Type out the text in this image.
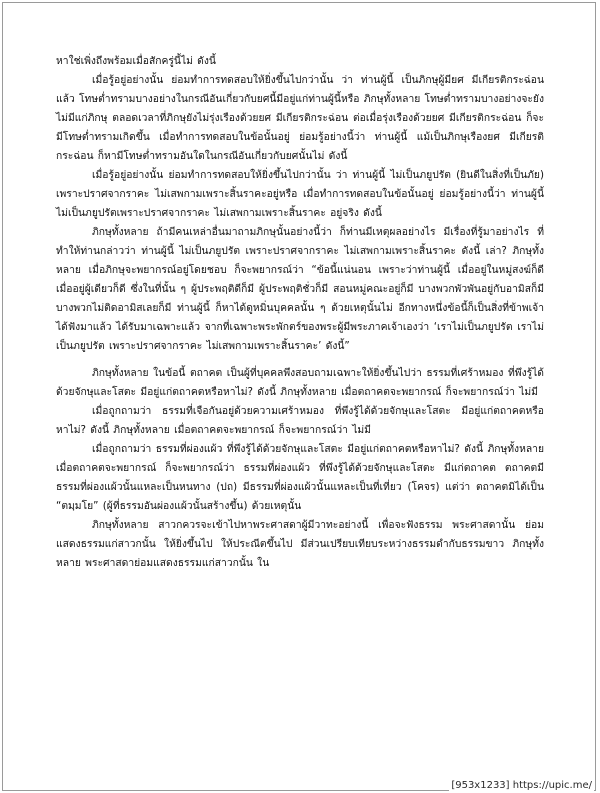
หาใช่เพิ่งถึงพร้อมเมื่อสักครู่นี้ไม่ ดังนี้

เมื่อรู้อยู่อย่างนั้น ย่อมทำการทดสอบให้ยิ่งขึ้นไปกว่านั้น ว่า ท่านผู้นี้ เป็นภิกษุผู้มียศ มีเกียรติกระฉ่อนแล้ว โทษต่ำทรามบางอย่างในกรณีอันเกี่ยวกับยศนี้มีอยู่แก่ท่านผู้นี้หรือ ภิกษุทั้งหลาย โทษต่ำทรามบางอย่างจะยังไม่มีแก่ภิกษุ ตลอดเวลาที่ภิกษุยังไม่รุ่งเรืองด้วยยศ มีเกียรติกระฉ่อน ต่อเมื่อรุ่งเรืองด้วยยศ มีเกียรติกระฉ่อน ก็จะมีโทษต่ำทรามเกิดขึ้น เมื่อทำการทดสอบในข้อนั้นอยู่ ย่อมรู้อย่างนี้ว่า ท่านผู้นี้ แม้เป็นภิกษุเรืองยศ มีเกียรติกระฉ่อน ก็หามีโทษต่ำทรามอันใดในกรณีอันเกี่ยวกับยศนั้นไม่ ดังนี้

เมื่อรู้อยู่อย่างนั้น ย่อมทำการทดสอบให้ยิ่งขึ้นไปกว่านั้น ว่า ท่านผู้นี้ ไม่เป็นภยูปรัต (ยินดีในสิ่งที่เป็นภัย) เพราะปราศจากราคะ ไม่เสพกามเพราะสิ้นราคะอยู่หรือ เมื่อทำการทดสอบในข้อนั้นอยู่ ย่อมรู้อย่างนี้ว่า ท่านผู้นี้ ไม่เป็นภยูปรัตเพราะปราศจากราคะ ไม่เสพกามเพราะสิ้นราคะ อยู่จริง ดังนี้

ภิกษุทั้งหลาย ถ้ามีคนเหล่าอื่นมาถามภิกษุนั้นอย่างนี้ว่า ก็ท่านมีเหตุผลอย่างไร มีเรื่องที่รู้มาอย่างไร ที่ทำให้ท่านกล่าวว่า ท่านผู้นี้ ไม่เป็นภยูปรัต เพราะปราศจากราคะ ไม่เสพกามเพราะสิ้นราคะ ดังนี้ เล่า? ภิกษุทั้งหลาย เมื่อภิกษุจะพยากรณ์อยู่โดยชอบ ก็จะพยากรณ์ว่า “ข้อนี้แน่นอน เพราะว่าท่านผู้นี้ เมื่ออยู่ในหมู่สงฆ์ก็ดี เมื่ออยู่ผู้เดียวก็ดี ซึ่งในที่นั้น ๆ ผู้ประพฤติดีก็มี ผู้ประพฤติชั่วก็มี สอนหมู่คณะอยู่ก็มี บางพวกพัวพันอยู่กับอามิสก็มี บางพวกไม่ติดอามิสเลยก็มี ท่านผู้นี้ ก็หาได้ดูหมิ่นบุคคลนั้น ๆ ด้วยเหตุนั้นไม่ อีกทางหนึ่งข้อนี้ก็เป็นสิ่งที่ข้าพเจ้าได้ฟังมาแล้ว ได้รับมาเฉพาะแล้ว จากที่เฉพาะพระพักตร์ของพระผู้มีพระภาคเจ้าเองว่า ‘เราไม่เป็นภยูปรัต เราไม่เป็นภยูปรัต เพราะปราศจากราคะ ไม่เสพกามเพราะสิ้นราคะ’ ดังนี้”

ภิกษุทั้งหลาย ในข้อนี้ ตถาคต เป็นผู้ที่บุคคลพึงสอบถามเฉพาะให้ยิ่งขึ้นไปว่า ธรรมที่เศร้าหมอง ที่พึงรู้ได้ด้วยจักษุและโสตะ มีอยู่แก่ตถาคตหรือหาไม่? ดังนี้ ภิกษุทั้งหลาย เมื่อตถาคตจะพยากรณ์ ก็จะพยากรณ์ว่า ไม่มี

เมื่อถูกถามว่า ธรรมที่เจือกันอยู่ด้วยความเศร้าหมอง ที่พึงรู้ได้ด้วยจักษุและโสตะ มีอยู่แก่ตถาคตหรือหาไม่? ดังนี้ ภิกษุทั้งหลาย เมื่อตถาคตจะพยากรณ์ ก็จะพยากรณ์ว่า ไม่มี

เมื่อถูกถามว่า ธรรมที่ผ่องแผ้ว ที่พึงรู้ได้ด้วยจักษุและโสตะ มีอยู่แก่ตถาคตหรือหาไม่? ดังนี้ ภิกษุทั้งหลาย เมื่อตถาคตจะพยากรณ์ ก็จะพยากรณ์ว่า ธรรมที่ผ่องแผ้ว ที่พึงรู้ได้ด้วยจักษุและโสตะ มีแก่ตถาคต ตถาคตมีธรรมที่ผ่องแผ้วนั้นแหละเป็นหนทาง (ปถ) มีธรรมที่ผ่องแผ้วนั้นแหละเป็นที่เที่ยว (โคจร) แต่ว่า ตถาคตมิได้เป็น “ตมฺมโย” (ผู้ที่ธรรมอันผ่องแผ้วนั้นสร้างขึ้น) ด้วยเหตุนั้น

ภิกษุทั้งหลาย สาวกควรจะเข้าไปหาพระศาสดาผู้มีวาทะอย่างนี้ เพื่อจะฟังธรรม พระศาสดานั้น ย่อมแสดงธรรมแก่สาวกนั้น ให้ยิ่งขึ้นไป ให้ประณีตขึ้นไป มีส่วนเปรียบเทียบระหว่างธรรมดำกับธรรมขาว ภิกษุทั้งหลาย พระศาสดาย่อมแสดงธรรมแก่สาวกนั้น ใน

[953x1233] https://upic.me/
